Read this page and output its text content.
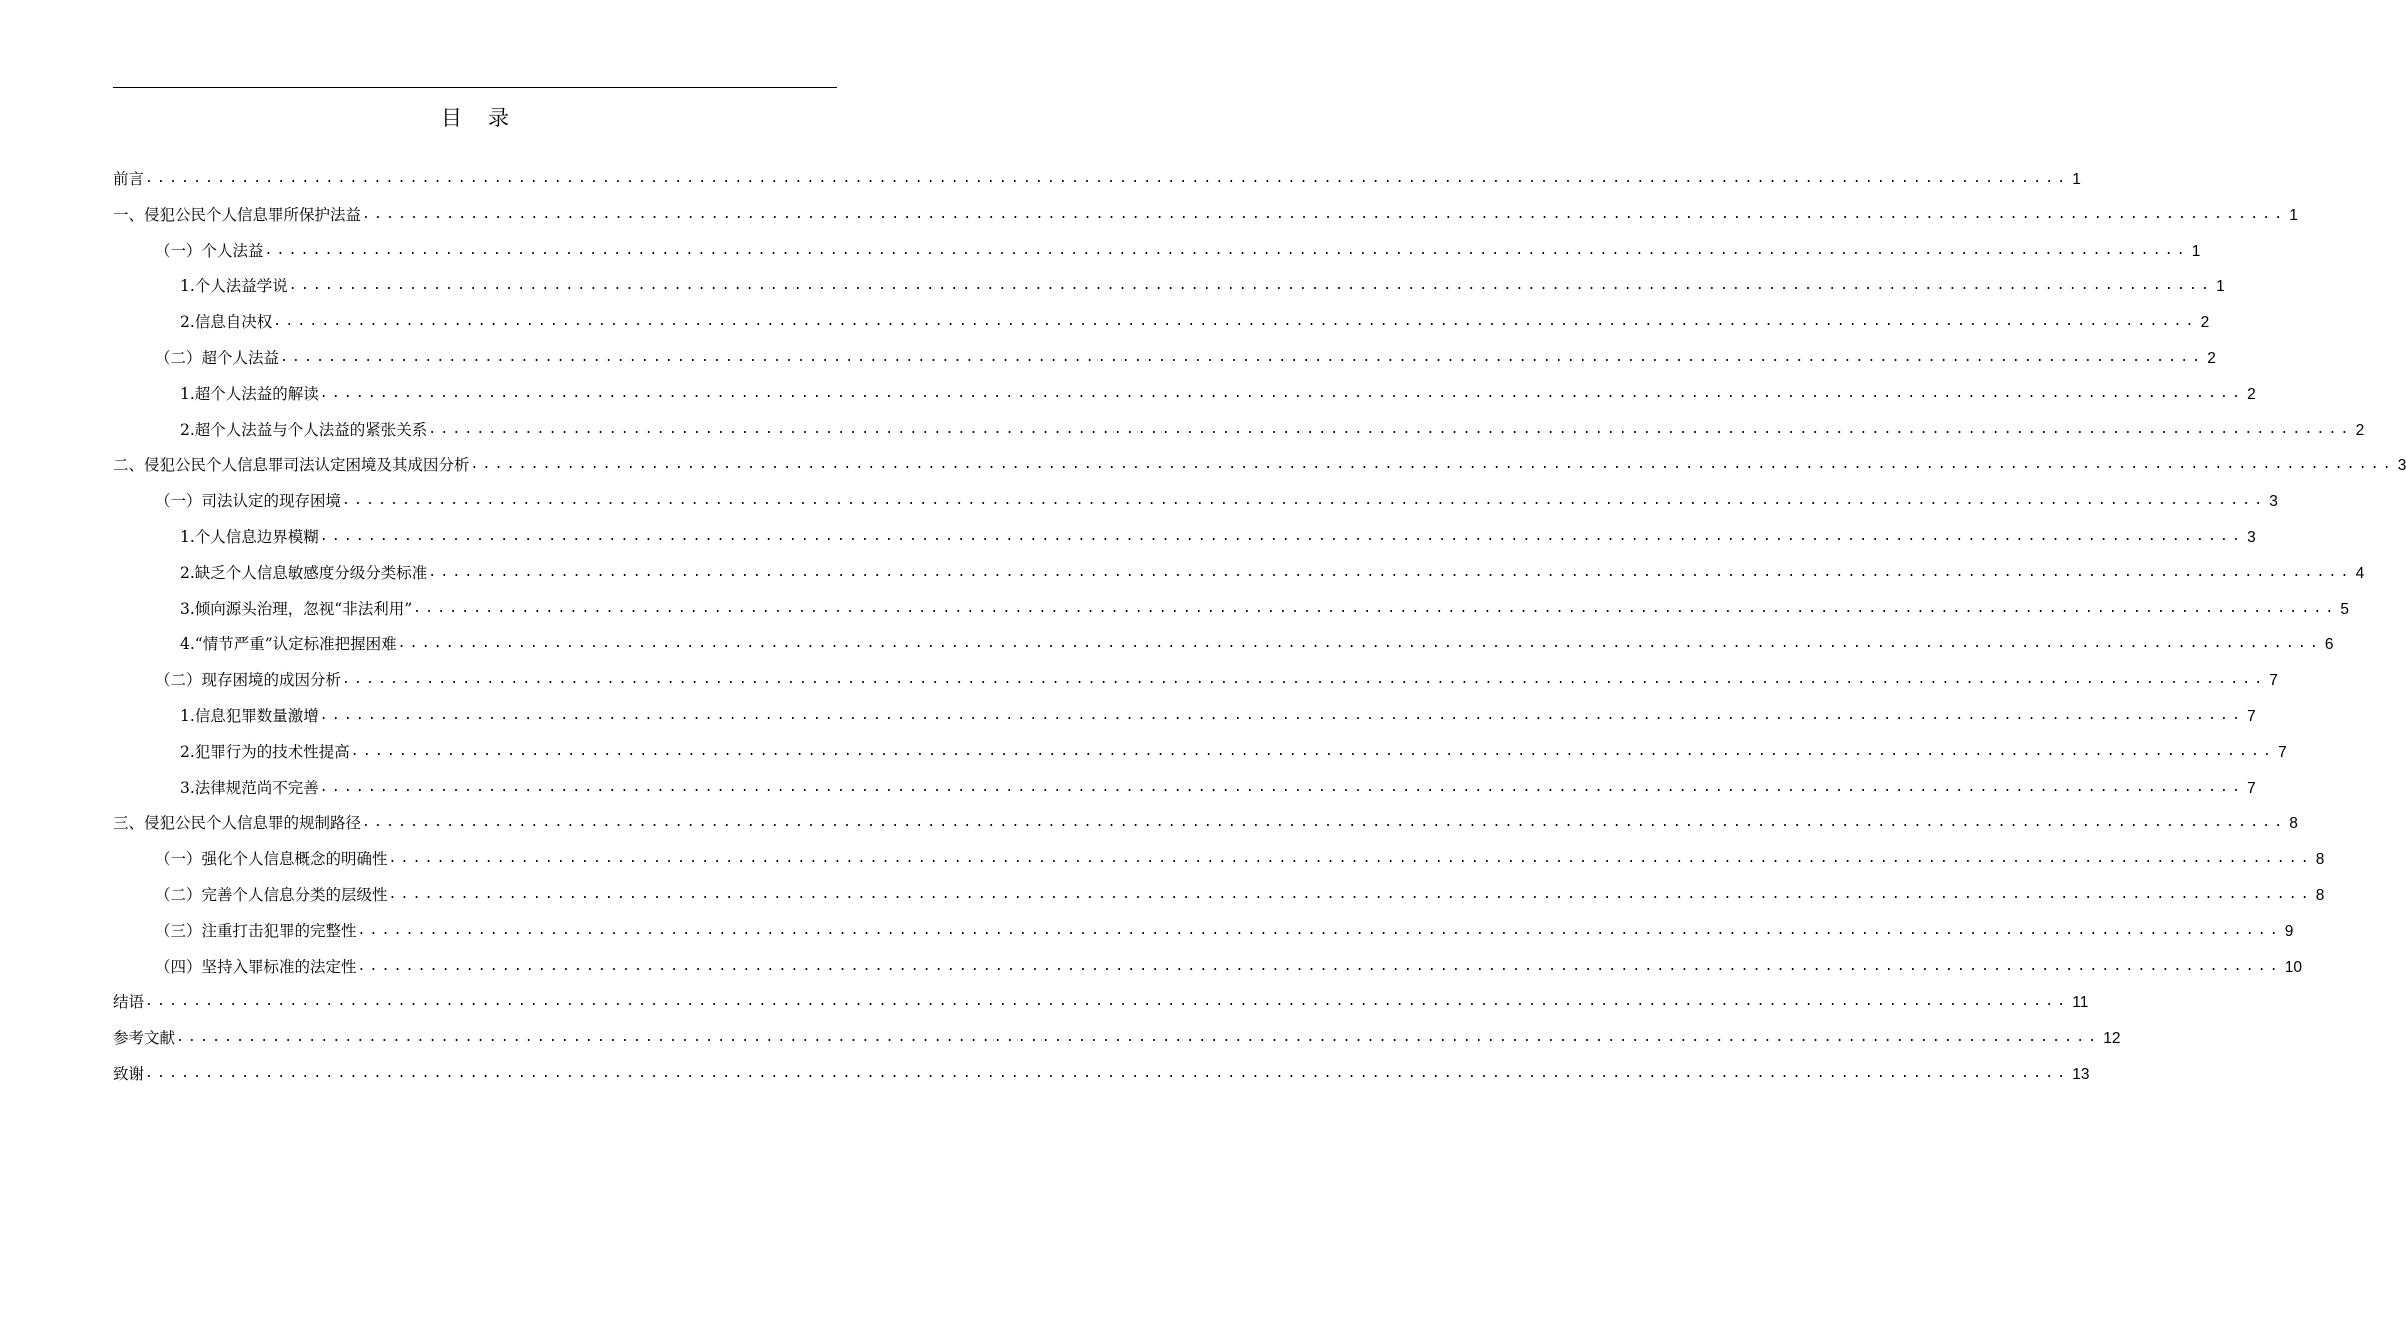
目录
前言 ................................................................................................................................................................ 1
一、侵犯公民个人信息罪所保护法益 ................................................................................................................................................................ 1
（一）个人法益 ................................................................................................................................................................ 1
1.个人法益学说 ................................................................................................................................................................ 1
2.信息自决权 ................................................................................................................................................................ 2
（二）超个人法益 ................................................................................................................................................................ 2
1.超个人法益的解读 ................................................................................................................................................................ 2
2.超个人法益与个人法益的紧张关系 ................................................................................................................................................................ 2
二、侵犯公民个人信息罪司法认定困境及其成因分析 ................................................................................................................................................................ 3
（一）司法认定的现存困境 ................................................................................................................................................................ 3
1.个人信息边界模糊 ................................................................................................................................................................ 3
2.缺乏个人信息敏感度分级分类标准 ................................................................................................................................................................ 4
3.倾向源头治理，忽视“非法利用” ................................................................................................................................................................ 5
4.“情节严重”认定标准把握困难 ................................................................................................................................................................ 6
（二）现存困境的成因分析 ................................................................................................................................................................ 7
1.信息犯罪数量激增 ................................................................................................................................................................ 7
2.犯罪行为的技术性提高 ................................................................................................................................................................ 7
3.法律规范尚不完善 ................................................................................................................................................................ 7
三、侵犯公民个人信息罪的规制路径 ................................................................................................................................................................ 8
（一）强化个人信息概念的明确性 ................................................................................................................................................................ 8
（二）完善个人信息分类的层级性 ................................................................................................................................................................ 8
（三）注重打击犯罪的完整性 ................................................................................................................................................................ 9
（四）坚持入罪标准的法定性 ................................................................................................................................................................ 10
结语 ................................................................................................................................................................ 11
参考文献 ................................................................................................................................................................ 12
致谢 ................................................................................................................................................................ 13
